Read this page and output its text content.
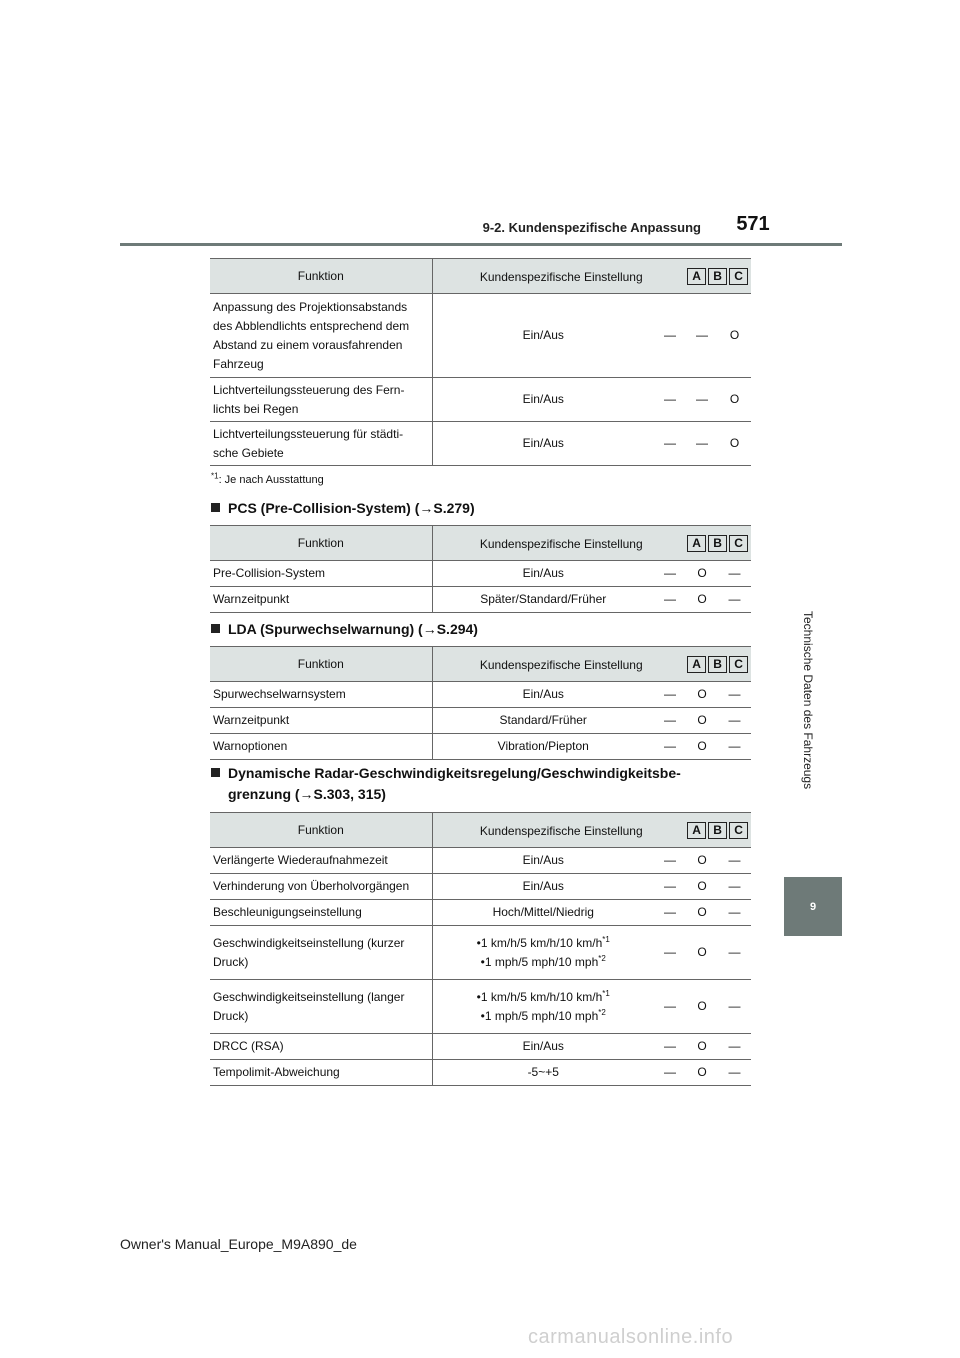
9-2. Kundenspezifische Anpassung	571
Technische Daten des Fahrzeugs
9
Funktion	Kundenspezifische Einstellung A B C			

Anpassung des Projektionsabstands
des Abblendlichts entsprechend dem
Abstand zu einem vorausfahrenden
Fahrzeug	Ein/Aus	—	—	O

Lichtverteilungssteuerung des Fern-
lichts bei Regen	Ein/Aus	—	—	O

Lichtverteilungssteuerung für städti-
sche Gebiete	Ein/Aus	—	—	O
$^{*1}$: Je nach Ausstattung
PCS (Pre-Collision-System) (→S.279)
Funktion	Kundenspezifische Einstellung A B C			

Pre-Collision-System	Ein/Aus	—	O	—
Warnzeitpunkt	Später/Standard/Früher	—	O	—
LDA (Spurwechselwarnung) (→S.294)
Funktion	Kundenspezifische Einstellung A B C			

Spurwechselwarnsystem	Ein/Aus	—	O	—
Warnzeitpunkt	Standard/Früher	—	O	—
Warnoptionen	Vibration/Piepton	—	O	—
Dynamische Radar-Geschwindigkeitsregelung/Geschwindigkeitsbe-
grenzung (→S.303, 315)
Funktion	Kundenspezifische Einstellung A B C			

Verlängerte Wiederaufnahmezeit	Ein/Aus	—	O	—
Verhinderung von Überholvorgängen	Ein/Aus	—	O	—
Beschleunigungseinstellung	Hoch/Mittel/Niedrig	—	O	—

Geschwindigkeitseinstellung (kurzer
Druck)	•1 km/h/5 km/h/10 $km/h^{*1}$
•1 mph/5 mph/10 mph$^{*2}$	—	O	—

Geschwindigkeitseinstellung (langer
Druck)	•1 km/h/5 km/h/10 $km/h^{*1}$
•1 mph/5 mph/10 mph$^{*2}$	—	O	—
DRCC (RSA)	Ein/Aus	—	O	—
Tempolimit-Abweichung	-5~+5	—	O	—
Owner's Manual_Europe_M9A890_de
carmanualsonline.info
